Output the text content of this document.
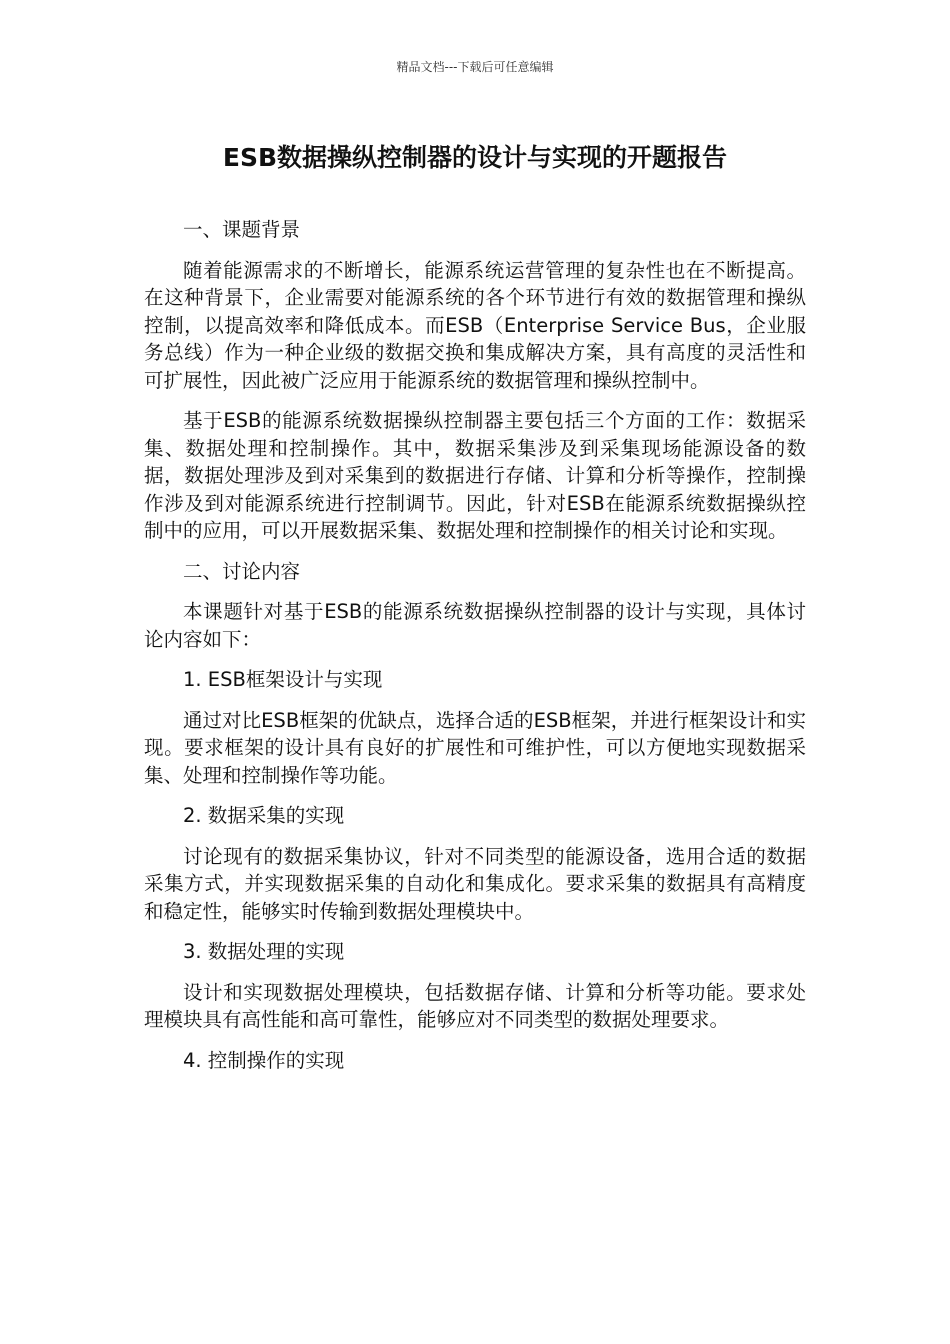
精品文档---下载后可任意编辑
ESB数据操纵控制器的设计与实现的开题报告

一、课题背景

随着能源需求的不断增长，能源系统运营管理的复杂性也在不断提高。在这种背景下，企业需要对能源系统的各个环节进行有效的数据管理和操纵控制，以提高效率和降低成本。而ESB（Enterprise Service Bus，企业服务总线）作为一种企业级的数据交换和集成解决方案，具有高度的灵活性和可扩展性，因此被广泛应用于能源系统的数据管理和操纵控制中。

基于ESB的能源系统数据操纵控制器主要包括三个方面的工作：数据采集、数据处理和控制操作。其中，数据采集涉及到采集现场能源设备的数据，数据处理涉及到对采集到的数据进行存储、计算和分析等操作，控制操作涉及到对能源系统进行控制调节。因此，针对ESB在能源系统数据操纵控制中的应用，可以开展数据采集、数据处理和控制操作的相关讨论和实现。

二、讨论内容

本课题针对基于ESB的能源系统数据操纵控制器的设计与实现，具体讨论内容如下：

1. ESB框架设计与实现

通过对比ESB框架的优缺点，选择合适的ESB框架，并进行框架设计和实现。要求框架的设计具有良好的扩展性和可维护性，可以方便地实现数据采集、处理和控制操作等功能。

2. 数据采集的实现

讨论现有的数据采集协议，针对不同类型的能源设备，选用合适的数据采集方式，并实现数据采集的自动化和集成化。要求采集的数据具有高精度和稳定性，能够实时传输到数据处理模块中。

3. 数据处理的实现

设计和实现数据处理模块，包括数据存储、计算和分析等功能。要求处理模块具有高性能和高可靠性，能够应对不同类型的数据处理要求。

4. 控制操作的实现
